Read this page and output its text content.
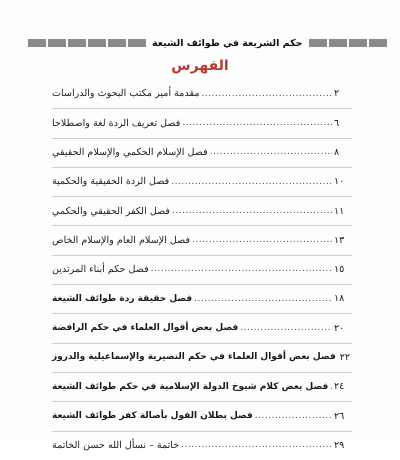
حكم الشريعة في طوائف الشيعة
الفهرس
مقدمة أمير مكتب البحوث والدراسات .....	٢
فصل تعريف الردة لغة واصطلاحا .....	٦
فصل الإسلام الحكمي والإسلام الحقيقي .....	٨
فصل الردة الحقيقية والحكمية .....	١٠
فصل الكفر الحقيقي والحكمي .....	١١
فصل الإسلام العام والإسلام الخاص .....	١٣
فصل حكم أبناء المرتدين .....	١٥
فصل حقيقة ردة طوائف الشيعة .....	١٨
فصل بعض أقوال العلماء في حكم الرافضة .....	٢٠
فصل بعض أقوال العلماء في حكم النصيرية والإسماعيلية والدروز ٢٢
فصل بعض كلام شيوخ الدولة الإسلامية في حكم طوائف الشيعة ..... ٢٤
فصل بطلان القول بأصالة كفر طوائف الشيعة .....	٢٦
خاتمة – نسأل الله حسن الخاتمة .....	٢٩
